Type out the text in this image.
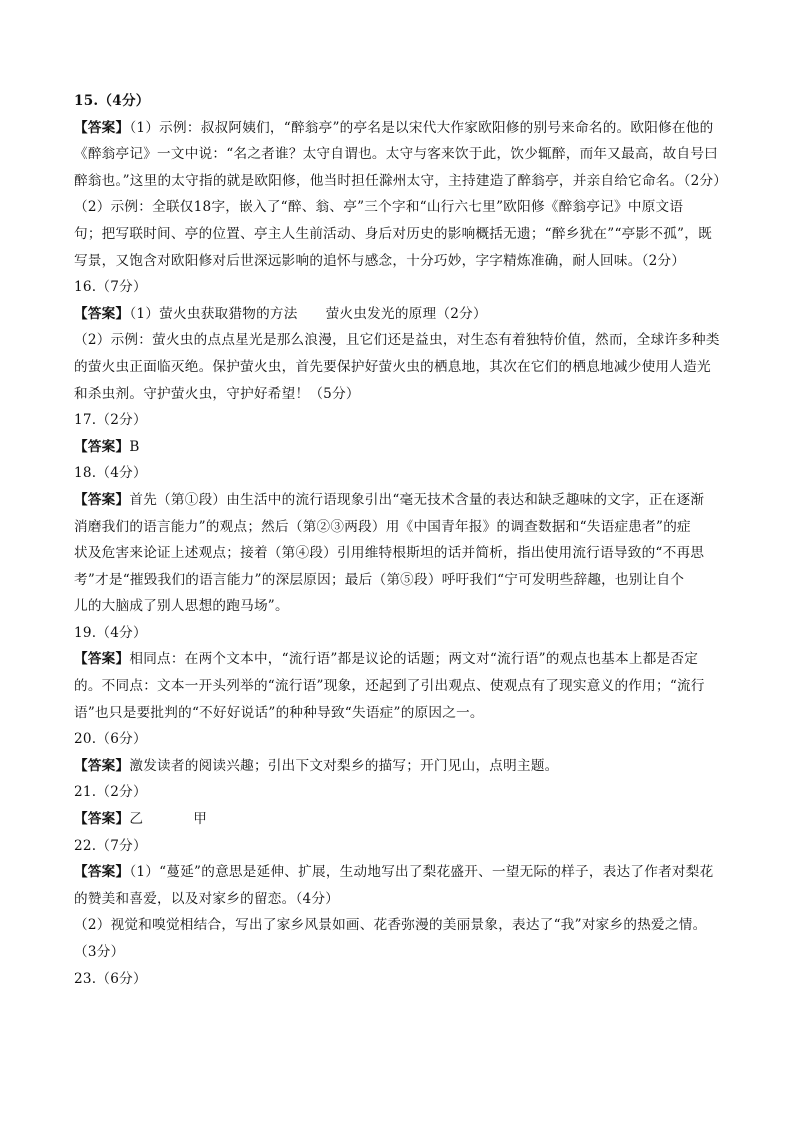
15.（4分）
【答案】（1）示例：叔叔阿姨们，“醉翁亭”的亭名是以宋代大作家欧阳修的别号来命名的。欧阳修在他的
《醉翁亭记》一文中说：“名之者谁？太守自谓也。太守与客来饮于此，饮少辄醉，而年又最高，故自号曰
醉翁也。”这里的太守指的就是欧阳修，他当时担任滁州太守，主持建造了醉翁亭，并亲自给它命名。（2分）
（2）示例：全联仅18字，嵌入了“醉、翁、亭”三个字和“山行六七里”欧阳修《醉翁亭记》中原文语
句；把写联时间、亭的位置、亭主人生前活动、身后对历史的影响概括无遗；“醉乡犹在”“亭影不孤”，既
写景，又饱含对欧阳修对后世深远影响的追怀与感念，十分巧妙，字字精炼准确，耐人回味。（2分）
16.（7分）
【答案】（1）萤火虫获取猎物的方法 萤火虫发光的原理（2分）
（2）示例：萤火虫的点点星光是那么浪漫，且它们还是益虫，对生态有着独特价值，然而，全球许多种类
的萤火虫正面临灭绝。保护萤火虫，首先要保护好萤火虫的栖息地，其次在它们的栖息地减少使用人造光
和杀虫剂。守护萤火虫，守护好希望！（5分）
17.（2分）
【答案】B
18.（4分）
【答案】首先（第①段）由生活中的流行语现象引出“毫无技术含量的表达和缺乏趣味的文字，正在逐渐
消磨我们的语言能力”的观点；然后（第②③两段）用《中国青年报》的调查数据和“失语症患者”的症
状及危害来论证上述观点；接着（第④段）引用维特根斯坦的话并简析，指出使用流行语导致的“不再思
考”才是“摧毁我们的语言能力”的深层原因；最后（第⑤段）呼吁我们“宁可发明些辞趣，也别让自个
儿的大脑成了别人思想的跑马场”。
19.（4分）
【答案】相同点：在两个文本中，“流行语”都是议论的话题；两文对“流行语”的观点也基本上都是否定
的。不同点：文本一开头列举的“流行语”现象，还起到了引出观点、使观点有了现实意义的作用；“流行
语”也只是要批判的“不好好说话”的种种导致“失语症”的原因之一。
20.（6分）
【答案】激发读者的阅读兴趣；引出下文对梨乡的描写；开门见山，点明主题。
21.（2分）
【答案】乙	甲
22.（7分）
【答案】（1）“蔓延”的意思是延伸、扩展，生动地写出了梨花盛开、一望无际的样子，表达了作者对梨花
的赞美和喜爱，以及对家乡的留恋。（4分）
（2）视觉和嗅觉相结合，写出了家乡风景如画、花香弥漫的美丽景象，表达了“我”对家乡的热爱之情。
（3分）
23.（6分）
